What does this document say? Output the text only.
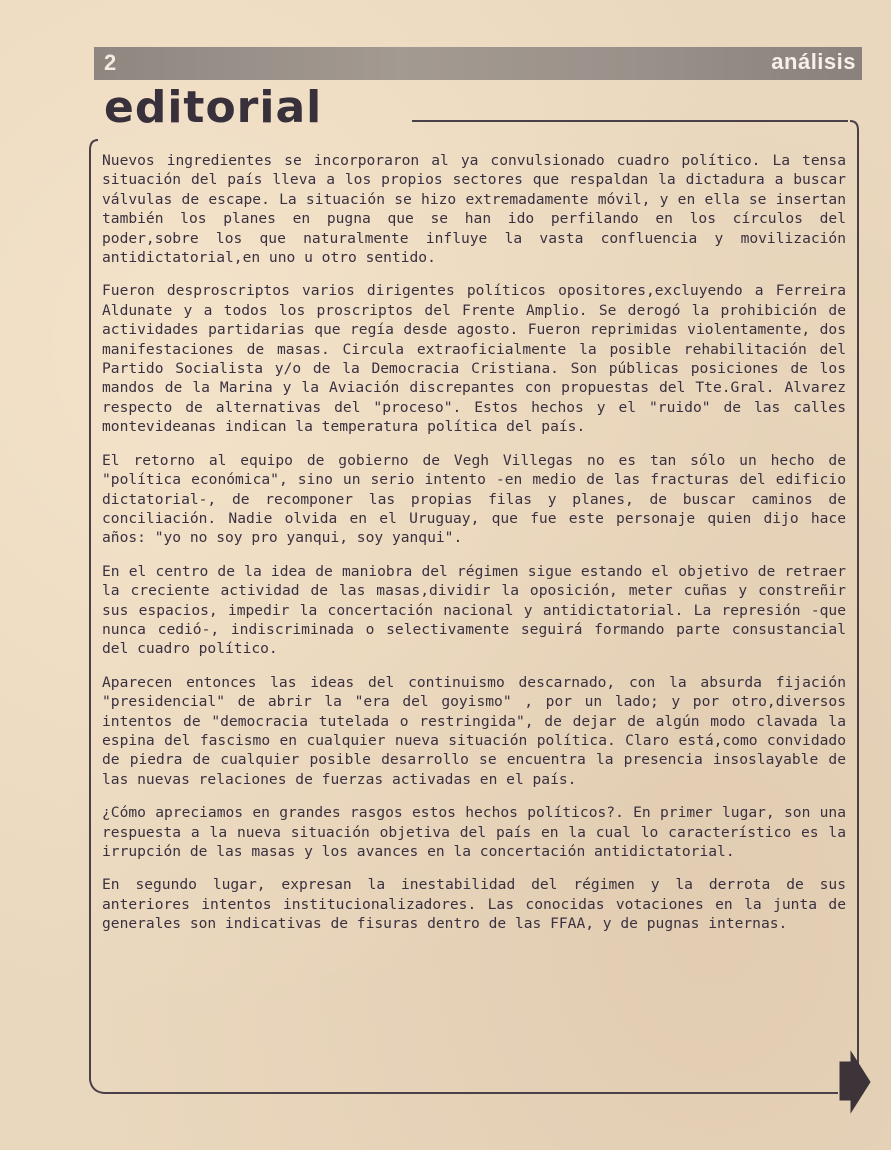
2	análisis
editorial

Nuevos ingredientes se incorporaron al ya convulsionado cuadro político. La tensa situación del país lleva a los propios sectores que respaldan la dictadura a buscar válvulas de escape. La situación se hizo extremadamente móvil, y en ella se insertan también los planes en pugna que se han ido perfilando en los círculos del poder,sobre los que naturalmente influye la vasta confluencia y movilización antidictatorial,en uno u otro sentido.

Fueron desproscriptos varios dirigentes políticos opositores,excluyendo a Ferreira Aldunate y a todos los proscriptos del Frente Amplio. Se derogó la prohibición de actividades partidarias que regía desde agosto. Fueron reprimidas violentamente, dos manifestaciones de masas. Circula extraoficialmente la posible rehabilitación del Partido Socialista y/o de la Democracia Cristiana. Son públicas posiciones de los mandos de la Marina y la Aviación discrepantes con propuestas del Tte.Gral. Alvarez respecto de alternativas del "proceso". Estos hechos y el "ruido" de las calles montevideanas indican la temperatura política del país.

El retorno al equipo de gobierno de Vegh Villegas no es tan sólo un hecho de "política económica", sino un serio intento -en medio de las fracturas del edificio dictatorial-, de recomponer las propias filas y planes, de buscar caminos de conciliación. Nadie olvida en el Uruguay, que fue este personaje quien dijo hace años: "yo no soy pro yanqui, soy yanqui".

En el centro de la idea de maniobra del régimen sigue estando el objetivo de retraer la creciente actividad de las masas,dividir la oposición, meter cuñas y constreñir sus espacios, impedir la concertación nacional y antidictatorial. La represión -que nunca cedió-, indiscriminada o selectivamente seguirá formando parte consustancial del cuadro político.

Aparecen entonces las ideas del continuismo descarnado, con la absurda fijación "presidencial" de abrir la "era del goyismo" , por un lado; y por otro,diversos intentos de "democracia tutelada o restringida", de dejar de algún modo clavada la espina del fascismo en cualquier nueva situación política. Claro está,como convidado de piedra de cualquier posible desarrollo se encuentra la presencia insoslayable de las nuevas relaciones de fuerzas activadas en el país.

¿Cómo apreciamos en grandes rasgos estos hechos políticos?. En primer lugar, son una respuesta a la nueva situación objetiva del país en la cual lo característico es la irrupción de las masas y los avances en la concertación antidictatorial.

En segundo lugar, expresan la inestabilidad del régimen y la derrota de sus anteriores intentos institucionalizadores. Las conocidas votaciones en la junta de generales son indicativas de fisuras dentro de las FFAA, y de pugnas internas.
